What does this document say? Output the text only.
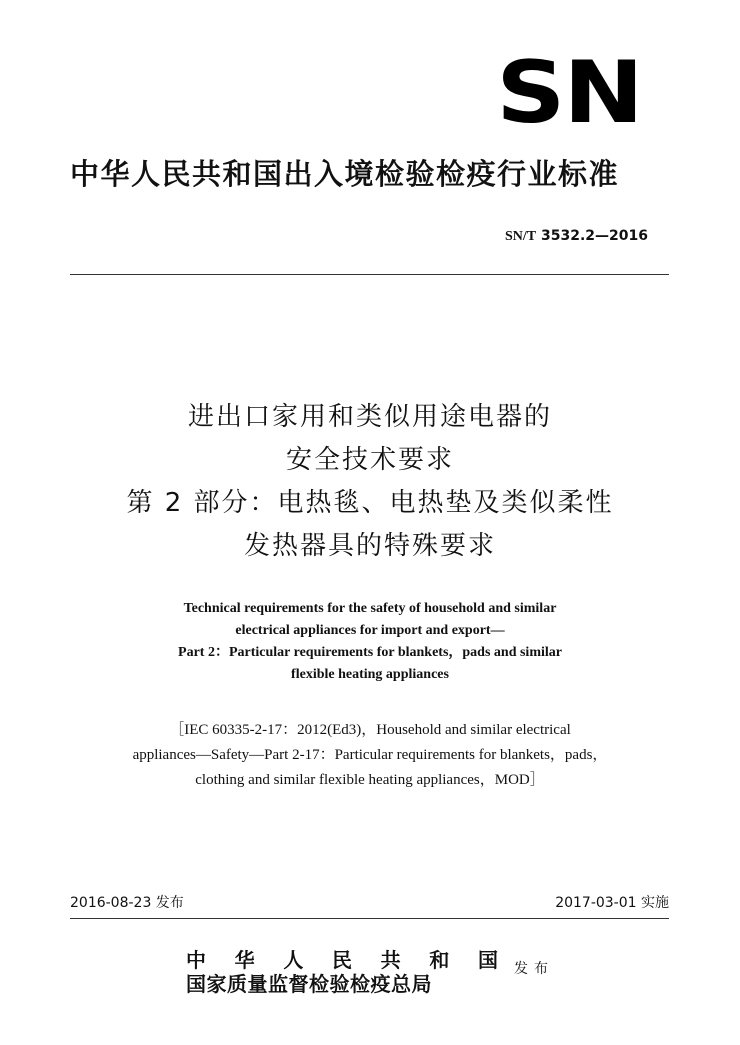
SN
中华人民共和国出入境检验检疫行业标准
SN/T 3532.2—2016
进出口家用和类似用途电器的
安全技术要求
第 2 部分：电热毯、电热垫及类似柔性
发热器具的特殊要求
Technical requirements for the safety of household and similar
electrical appliances for import and export—
Part 2：Particular requirements for blankets，pads and similar
flexible heating appliances
［IEC 60335-2-17：2012(Ed3)，Household and similar electrical
appliances—Safety—Part 2-17：Particular requirements for blankets，pads，
clothing and similar flexible heating appliances，MOD］
2016-08-23 发布	2017-03-01 实施
中 华 人 民 共 和 国
国家质量监督检验检疫总局
发布
